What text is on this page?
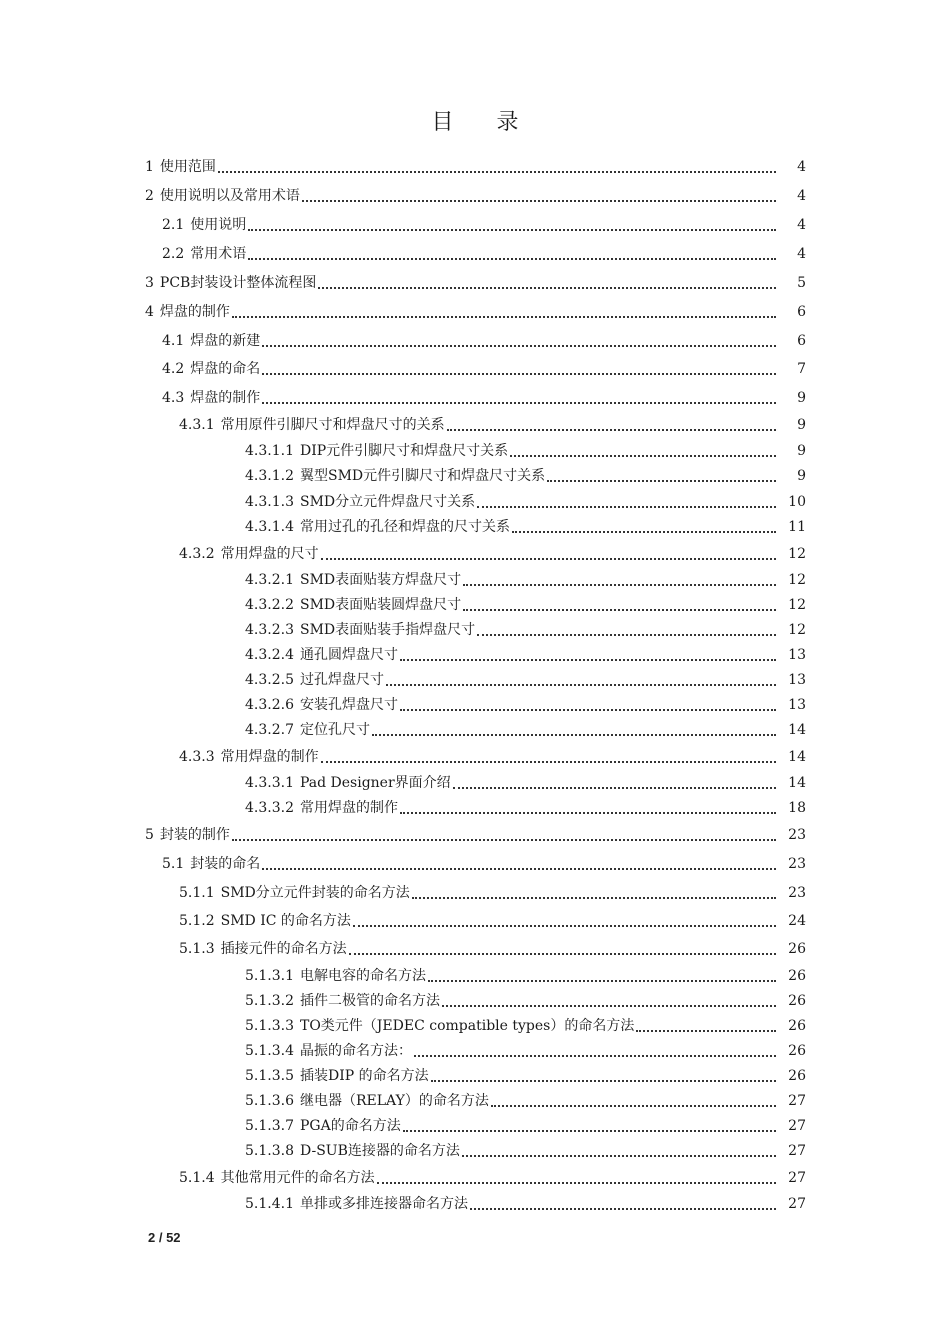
目 录
1 使用范围	4
2 使用说明以及常用术语	4
2.1 使用说明	4
2.2 常用术语	4
3 PCB封装设计整体流程图	5
4 焊盘的制作	6
4.1 焊盘的新建	6
4.2 焊盘的命名	7
4.3 焊盘的制作	9
4.3.1 常用原件引脚尺寸和焊盘尺寸的关系	9
4.3.1.1 DIP元件引脚尺寸和焊盘尺寸关系	9
4.3.1.2 翼型SMD元件引脚尺寸和焊盘尺寸关系	9
4.3.1.3 SMD分立元件焊盘尺寸关系	10
4.3.1.4 常用过孔的孔径和焊盘的尺寸关系	11
4.3.2 常用焊盘的尺寸	12
4.3.2.1 SMD表面贴装方焊盘尺寸	12
4.3.2.2 SMD表面贴装圆焊盘尺寸	12
4.3.2.3 SMD表面贴装手指焊盘尺寸	12
4.3.2.4 通孔圆焊盘尺寸	13
4.3.2.5 过孔焊盘尺寸	13
4.3.2.6 安装孔焊盘尺寸	13
4.3.2.7 定位孔尺寸	14
4.3.3 常用焊盘的制作	14
4.3.3.1 Pad Designer界面介绍	14
4.3.3.2 常用焊盘的制作	18
5 封装的制作	23
5.1 封装的命名	23
5.1.1 SMD分立元件封装的命名方法	23
5.1.2 SMD IC 的命名方法	24
5.1.3 插接元件的命名方法	26
5.1.3.1 电解电容的命名方法	26
5.1.3.2 插件二极管的命名方法	26
5.1.3.3 TO类元件（JEDEC compatible types）的命名方法	26
5.1.3.4 晶振的命名方法：	26
5.1.3.5 插装DIP 的命名方法	26
5.1.3.6 继电器（RELAY）的命名方法	27
5.1.3.7 PGA的命名方法	27
5.1.3.8 D-SUB连接器的命名方法	27
5.1.4 其他常用元件的命名方法	27
5.1.4.1 单排或多排连接器命名方法	27
2 / 52
